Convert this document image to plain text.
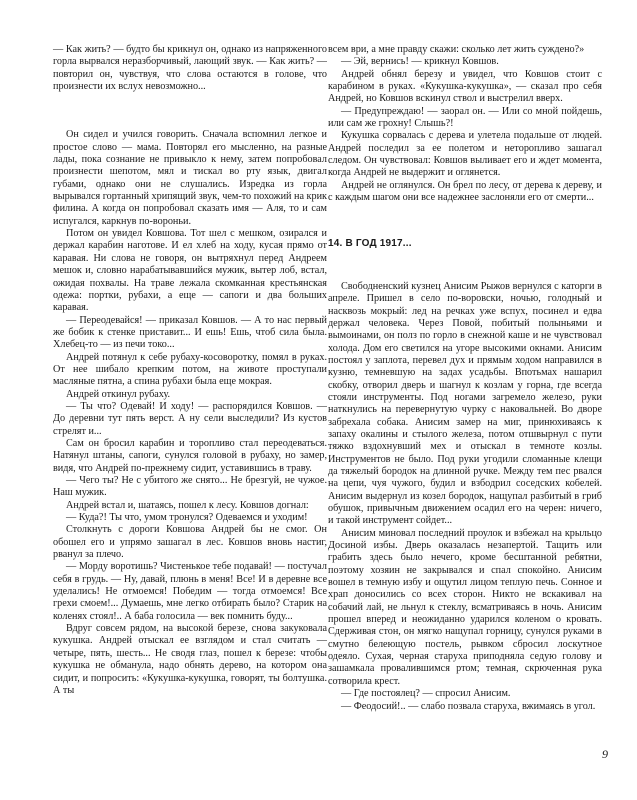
— Как жить? — будто бы крикнул он, однако из напряженного горла вырвался неразборчивый, лающий звук. — Как жить? — повторил он, чувствуя, что слова остаются в голове, что произнести их вслух невозможно...

Он сидел и учился говорить. Сначала вспомнил легкое и простое слово — мама. Повторял его мысленно, на разные лады, пока сознание не привыкло к нему, затем попробовал произнести шепотом, мял и тискал во рту язык, двигал губами, однако они не слушались. Изредка из горла вырывался гортанный хрипящий звук, чем-то похожий на крик филина. А когда он попробовал сказать имя — Аля, то и сам испугался, каркнув по-вороньи.

Потом он увидел Ковшова. Тот шел с мешком, озирался и держал карабин наготове. И ел хлеб на ходу, кусая прямо от каравая. Ни слова не говоря, он вытряхнул перед Андреем мешок и, словно нарабатывавшийся мужик, вытер лоб, встал, ожидая похвалы. На траве лежала скомканная крестьянская одежа: портки, рубахи, а еще — сапоги и два больших каравая.

— Переодевайся! — приказал Ковшов. — А то нас первый же бобик к стенке приставит... И ешь! Ешь, чтоб сила была. Хлебец-то — из печи токо...

Андрей потянул к себе рубаху-косоворотку, помял в руках. От нее шибало крепким потом, на животе проступали масляные пятна, а спина рубахи была еще мокрая.

Андрей откинул рубаху.

— Ты что? Одевай! И ходу! — распорядился Ковшов. — До деревни тут пять верст. А ну сели выследили? Из кустов стрелят и...

Сам он бросил карабин и торопливо стал переодеваться. Натянул штаны, сапоги, сунулся головой в рубаху, но замер, видя, что Андрей по-прежнему сидит, уставившись в траву.

— Чего ты? Не с убитого же снято... Не брезгуй, не чужое. Наш мужик.

Андрей встал и, шатаясь, пошел к лесу. Ковшов догнал:

— Куда?! Ты что, умом тронулся? Одеваемся и уходим!

Столкнуть с дороги Ковшова Андрей бы не смог. Он обошел его и упрямо зашагал в лес. Ковшов вновь настиг, рванул за плечо.

— Морду воротишь? Чистенькое тебе подавай! — постучал себя в грудь. — Ну, давай, плюнь в меня! Все! И в деревне все уделались! Не отмоемся! Победим — тогда отмоемся! Все грехи смоем!... Думаешь, мне легко отбирать было? Старик на коленях стоял!.. А баба голосила — век помнить буду...

Вдруг совсем рядом, на высокой березе, снова закуковала кукушка. Андрей отыскал ее взглядом и стал считать — четыре, пять, шесть... Не сводя глаз, пошел к березе: чтобы кукушка не обманула, надо обнять дерево, на котором она сидит, и попросить: «Кукушка-кукушка, говорят, ты болтушка. А ты

всем ври, а мне правду скажи: сколько лет жить суждено?»

— Эй, вернись! — крикнул Ковшов.

Андрей обнял березу и увидел, что Ковшов стоит с карабином в руках. «Кукушка-кукушка», — сказал про себя Андрей, но Ковшов вскинул ствол и выстрелил вверх.

— Предупреждаю! — заорал он. — Или со мной пойдешь, или сам же грохну! Слышь?!

Кукушка сорвалась с дерева и улетела подальше от людей. Андрей последил за ее полетом и неторопливо зашагал следом. Он чувствовал: Ковшов выливает его и ждет момента, когда Андрей не выдержит и оглянется.

Андрей не оглянулся. Он брел по лесу, от дерева к дереву, и с каждым шагом они все надежнее заслоняли его от смерти...

14. В ГОД 1917...

Свободненский кузнец Анисим Рыжов вернулся с каторги в апреле. Пришел в село по-воровски, ночью, голодный и насквозь мокрый: лед на речках уже вспух, посинел и едва держал человека. Через Повой, побитый полыньями и вымоинами, он полз по горло в снежной каше и не чувствовал холода. Дом его светился на угоре высокими окнами. Анисим постоял у заплота, перевел дух и прямым ходом направился в кузню, темневшую на задах усадьбы. Впотьмах нашарил скобку, отворил дверь и шагнул к козлам у горна, где всегда стояли инструменты. Под ногами загремело железо, руки наткнулись на перевернутую чурку с наковальней. Во дворе забрехала собака. Анисим замер на миг, принюхиваясь к запаху окалины и стылого железа, потом отшвырнул с пути тяжко вздохнувший мех и отыскал в темноте козлы. Инструментов не было. Под руки угодили сломанные клещи да тяжелый бородок на длинной ручке. Между тем пес рвался на цепи, чуя чужого, будил и взбодрил соседских кобелей. Анисим выдернул из козел бородок, нащупал разбитый в гриб обушок, привычным движением осадил его на черен: ничего, и такой инструмент сойдет...

Анисим миновал последний проулок и взбежал на крыльцо Досиной избы. Дверь оказалась незапертой. Тащить или грабить здесь было нечего, кроме бесштанной ребятни, поэтому хозяин не закрывался и спал спокойно. Анисим вошел в темную избу и ощутил лицом теплую печь. Сонное и храп доносились со всех сторон. Никто не вскакивал на собачий лай, не льнул к стеклу, всматриваясь в ночь. Анисим прошел вперед и неожиданно ударился коленом о кровать. Сдерживая стон, он мягко нащупал горницу, сунулся руками в смутно белеющую постель, рывком сбросил лоскутное одеяло. Сухая, черная старуха приподняла седую голову и зашамкала провалившимся ртом; темная, скрюченная рука сотворила крест.

— Где постоялец? — спросил Анисим.

— Феодосий!.. — слабо позвала старуха, вжимаясь в угол.

9
